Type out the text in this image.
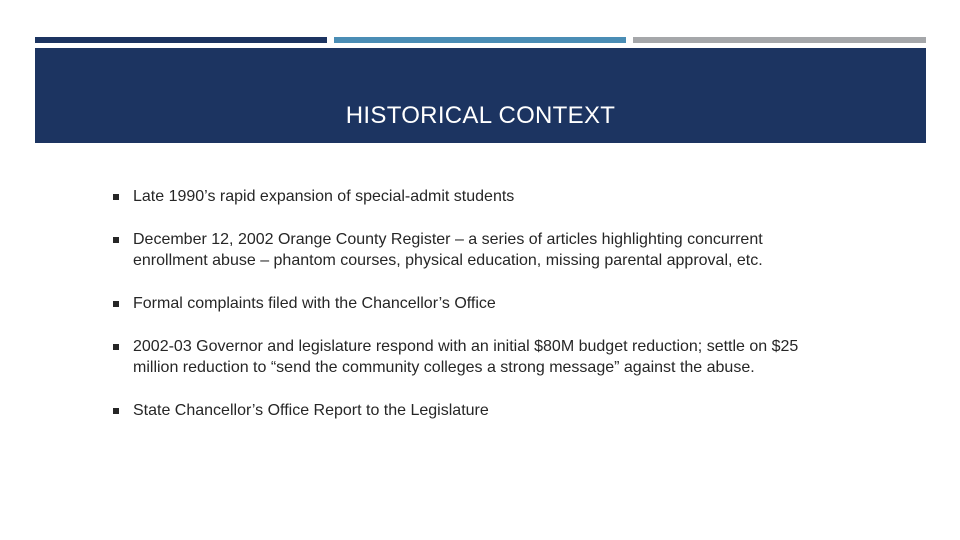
HISTORICAL CONTEXT
Late 1990’s rapid expansion of special-admit students
December 12, 2002 Orange County Register – a series of articles highlighting concurrent enrollment abuse – phantom courses, physical education, missing parental approval, etc.
Formal complaints filed with the Chancellor’s Office
2002-03 Governor and legislature respond with an initial $80M budget reduction; settle on $25 million reduction to “send the community colleges a strong message” against the abuse.
State Chancellor’s Office Report to the Legislature
